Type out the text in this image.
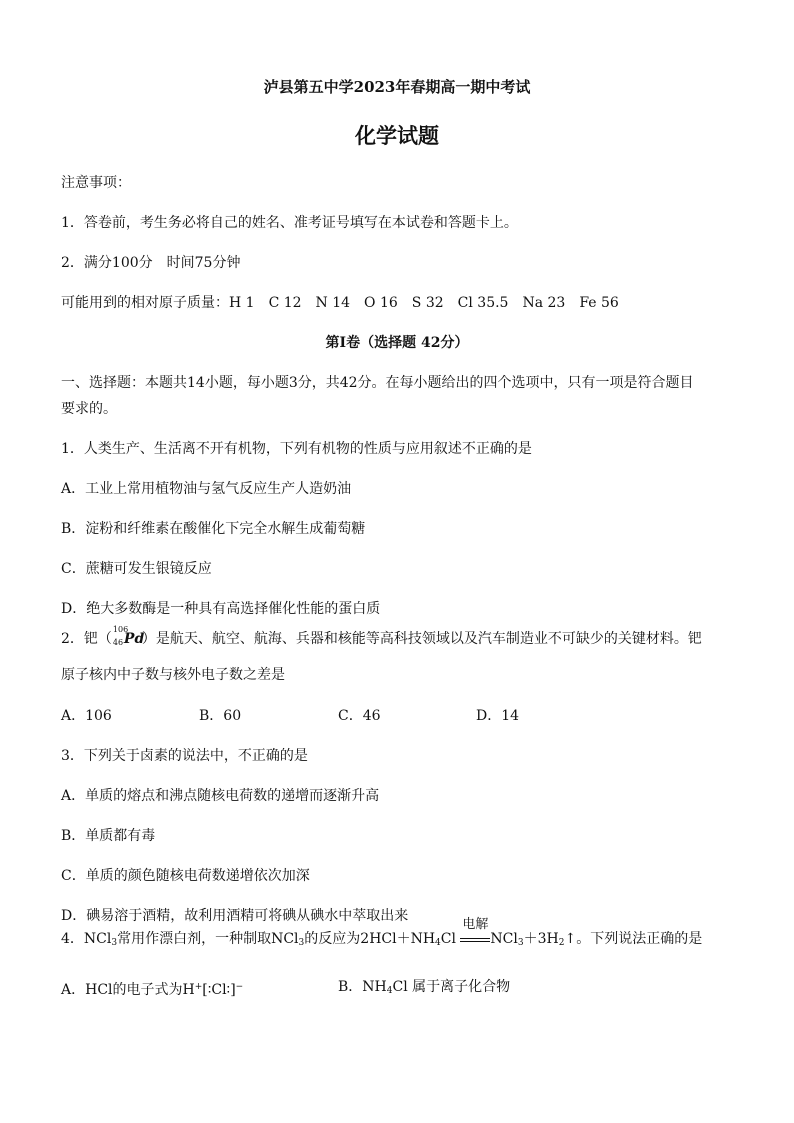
泸县第五中学2023年春期高一期中考试
化学试题
注意事项：
1．答卷前，考生务必将自己的姓名、准考证号填写在本试卷和答题卡上。
2．满分100分　时间75分钟
可能用到的相对原子质量：H 1　C 12　N 14　O 16　S 32　Cl 35.5　Na 23　Fe 56
第I卷（选择题 42分）
一、选择题：本题共14小题，每小题3分，共42分。在每小题给出的四个选项中，只有一项是符合题目
要求的。
1．人类生产、生活离不开有机物，下列有机物的性质与应用叙述不正确的是
A．工业上常用植物油与氢气反应生产人造奶油
B．淀粉和纤维素在酸催化下完全水解生成葡萄糖
C．蔗糖可发生银镜反应
D．绝大多数酶是一种具有高选择催化性能的蛋白质
2．钯（
106
46 Pd
）是航天、航空、航海、兵器和核能等高科技领域以及汽车制造业不可缺少的关键材料。钯
原子核内中子数与核外电子数之差是
A．106	B．60	C．46	D．14
3．下列关于卤素的说法中，不正确的是
A．单质的熔点和沸点随核电荷数的递增而逐渐升高
B．单质都有毒
C．单质的颜色随核电荷数递增依次加深
D．碘易溶于酒精，故利用酒精可将碘从碘水中萃取出来
4．NCl$_3$常用作漂白剂，一种制取NCl$_3$的反应为$2HCl+NH_4Cl$
电解
$NCl_3+3H_2↑$。下列说法正确的是
A．HCl的电子式为H+[∶Cl∶]−	B．$NH_4Cl$ 属于离子化合物
